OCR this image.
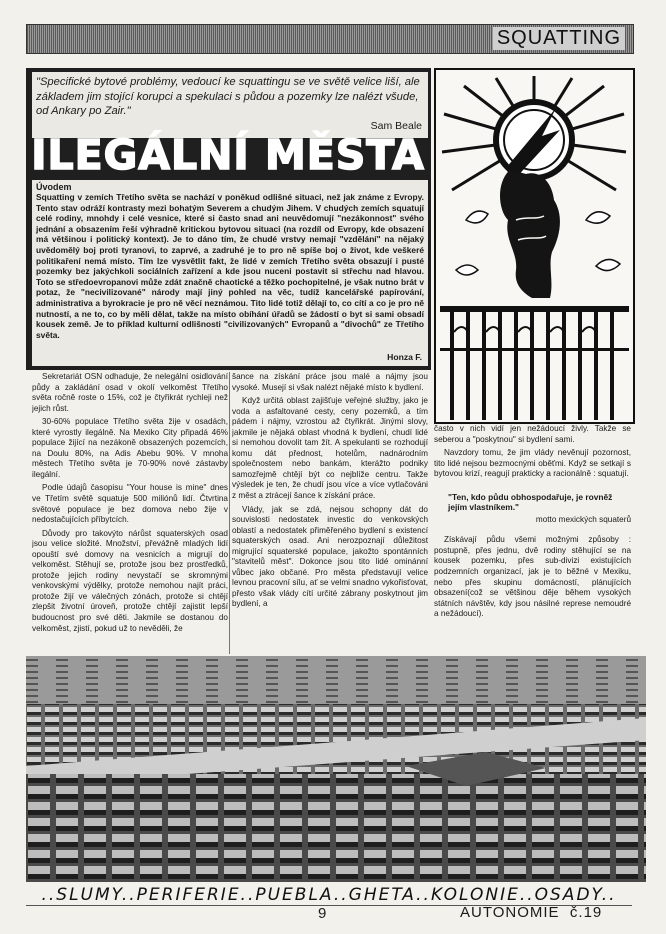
SQUATTING
"Specifické bytové problémy, vedoucí ke squattingu se ve světě velice liší, ale základem jim stojící korupci a spekulaci s půdou a pozemky lze nalézt všude, od Ankary po Zair."
Sam Beale
ILEGÁLNÍ MĚSTA
Úvodem
Squatting v zemích Třetího světa se nachází v poněkud odlišné situaci, než jak známe z Evropy. Tento stav odráží kontrasty mezi bohatým Severem a chudým Jihem. V chudých zemích squatují celé rodiny, mnohdy i celé vesnice, které si často snad ani neuvědomují "nezákonnost" svého jednání a obsazením řeší výhradně kritickou bytovou situaci (na rozdíl od Evropy, kde obsazení má většinou i politický kontext). Je to dáno tím, že chudé vrstvy nemají "vzdělání" na nějaký uvědomělý boj proti tyranovi, to zaprvé, a zadruhé je to pro ně spíše boj o život, kde veškeré politikaření nemá místo. Tím lze vysvětlit fakt, že lidé v zemích Třetího světa obsazují i pusté pozemky bez jakýchkoli sociálních zařízení a kde jsou nuceni postavit si střechu nad hlavou. Toto se středoevropanovi může zdát značně chaotické a těžko pochopitelné, je však nutno brát v potaz, že "necivilizované" národy mají jiný pohled na věc, tudíž kancelářské papírování, administrativa a byrokracie je pro ně věcí neznámou. Tito lidé totiž dělají to, co cítí a co je pro ně nutností, a ne to, co by měli dělat, takže na místo obíhání úřadů se žádostí o byt si sami obsadí kousek země. Je to příklad kulturní odlišnosti "civilizovaných" Evropanů a "divochů" ze Třetího světa.
Honza F.

Sekretariát OSN odhaduje, že nelegální osidlování půdy a zakládání osad v okolí velkoměst Třetího světa ročně roste o 15%, což je čtyřikrát rychleji než jejich růst.

30-60% populace Třetího světa žije v osadách, které vyrostly ilegálně. Na Mexiko City připadá 46% populace žijící na nezákoně obsazených pozemcích, na Doulu 80%, na Adis Abebu 90%. V mnoha městech Třetího světa je 70-90% nové zástavby ilegální.

Podle údajů časopisu "Your house is mine" dnes ve Třetím světě squatuje 500 miliónů lidí. Čtvrtina světové populace je bez domova nebo žije v nedostačujících příbytcích.

Důvody pro takovýto nárůst squaterských osad jsou velice složité. Množství, převážně mladých lidí opouští své domovy na vesnicích a migrují do velkoměst. Stěhují se, protože jsou bez prostředků, protože jejich rodiny nevystačí se skromnými venkovskými výdělky, protože nemohou najít práci, protože žijí ve válečných zónách, protože si chtějí zlepšit životní úroveň, protože chtějí zajistit lepší budoucnost pro své děti. Jakmile se dostanou do velkoměst, zjistí, pokud už to nevěděli, že

šance na získání práce jsou malé a nájmy jsou vysoké. Musejí si však nalézt nějaké místo k bydlení.

Když určitá oblast zajišťuje veřejné služby, jako je voda a asfaltované cesty, ceny pozemků, a tím pádem i nájmy, vzrostou až čtyřikrát. Jinými slovy, jakmile je nějaká oblast vhodná k bydlení, chudí lidé si nemohou dovolit tam žít. A spekulanti se rozhodují komu dát přednost, hotelům, nadnárodním společnostem nebo bankám, kterážto podniky samozřejmě chtějí být co nejblíže centru. Takže výsledek je ten, že chudí jsou více a více vytlačováni z měst a ztrácejí šance k získání práce.

Vlády, jak se zdá, nejsou schopny dát do souvislosti nedostatek investic do venkovských oblastí a nedostatek přiměřeného bydlení s existencí squaterských osad. Ani nerozpoznají důležitost migrující squaterské populace, jakožto spontánních "stavitelů měst". Dokonce jsou tito lidé ominánní vůbec jako občané. Pro města představují velice levnou pracovní sílu, ať se velmi snadno vykořisťovat, přesto však vlády cítí určité zábrany poskytnout jim bydlení, a

často v nich vidí jen nežádoucí živly. Takže se seberou a "poskytnou" si bydlení sami.

Navzdory tomu, že jim vlády nevěnují pozornost, tito lidé nejsou bezmocnými oběťmi. Když se setkají s bytovou krizí, reagují prakticky a racionálně : squatují.

"Ten, kdo půdu obhospodařuje, je rovněž jejím vlastníkem."

motto mexických squaterů

Získávají půdu všemi možnými způsoby : postupně, přes jednu, dvě rodiny stěhující se na kousek pozemku, přes sub-divizi existujících podzemních organizací, jak je to běžné v Mexiku, nebo přes skupinu domácností, plánujících obsazení(což se většinou děje během vysokých státních návštěv, kdy jsou násilné represe nemoudré a nežádoucí).

..SLUMY..PERIFERIE..PUEBLA..GHETA..KOLONIE..OSADY..
9	AUTONOMIE  č.19
